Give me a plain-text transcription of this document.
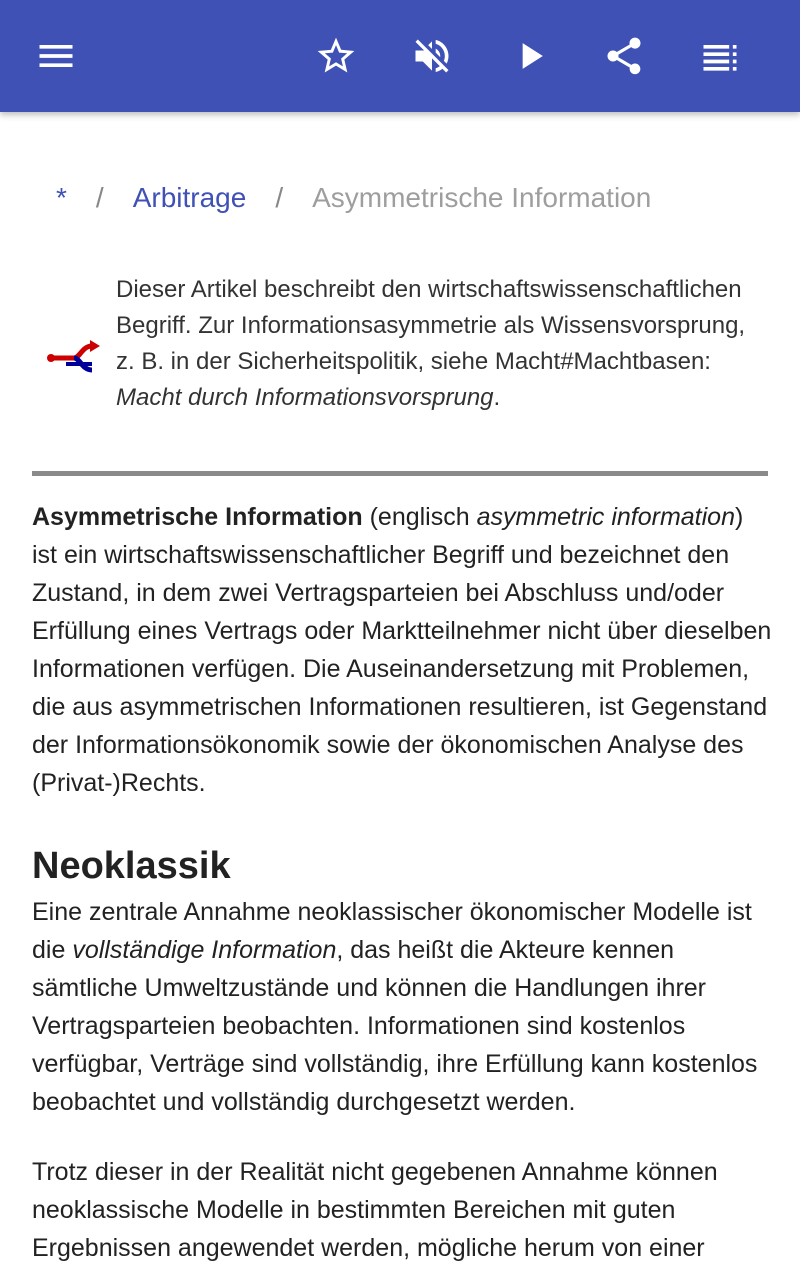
*	/	Arbitrage	/	Asymmetrische Information
Dieser Artikel beschreibt den wirtschaftswissenschaftlichen Begriff. Zur Informationsasymmetrie als Wissensvorsprung, z. B. in der Sicherheitspolitik, siehe Macht#Machtbasen: Macht durch Informationsvorsprung.

Asymmetrische Information (englisch asymmetric information) ist ein wirtschaftswissenschaftlicher Begriff und bezeichnet den Zustand, in dem zwei Vertragsparteien bei Abschluss und/oder Erfüllung eines Vertrags oder Marktteilnehmer nicht über dieselben Informationen verfügen. Die Auseinandersetzung mit Problemen, die aus asymmetrischen Informationen resultieren, ist Gegenstand der Informationsökonomik sowie der ökonomischen Analyse des (Privat-)Rechts.

Neoklassik

Eine zentrale Annahme neoklassischer ökonomischer Modelle ist die vollständige Information, das heißt die Akteure kennen sämtliche Umweltzustände und können die Handlungen ihrer Vertragsparteien beobachten. Informationen sind kostenlos verfügbar, Verträge sind vollständig, ihre Erfüllung kann kostenlos beobachtet und vollständig durchgesetzt werden.

Trotz dieser in der Realität nicht gegebenen Annahme können neoklassische Modelle in bestimmten Bereichen mit guten Ergebnissen angewendet werden, mögliche herum von einer
